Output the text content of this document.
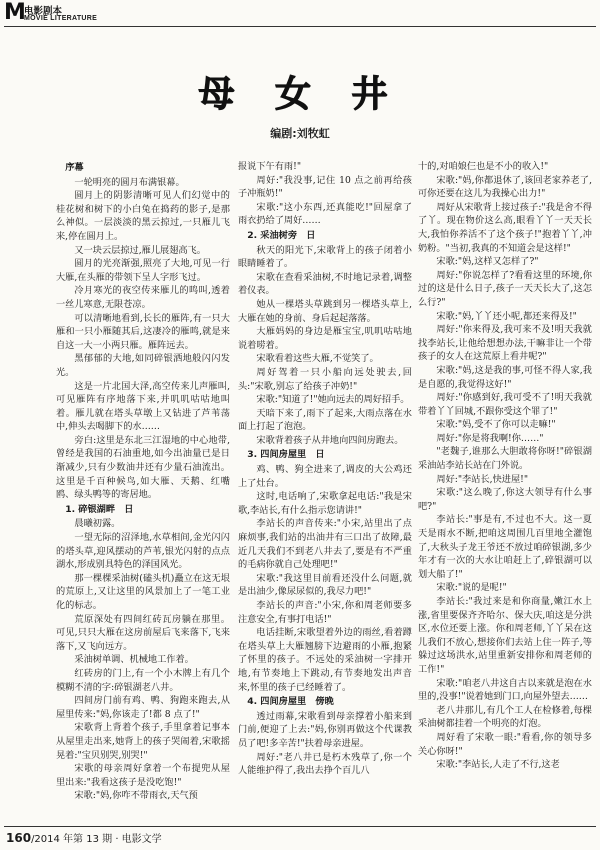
M 电影剧本
MOVIE LITERATURE
母 女 井
编剧:刘牧虹
序幕

一轮明亮的圆月布满银幕。

圆月上的阴影清晰可见人们幻觉中的桂花树和树下的小白兔在捣药的影子,是那么神似。一层淡淡的黑云掠过,一只雁儿飞来,停在圆月上。

又一块云层掠过,雁儿展翅高飞。

圆月的光亮渐强,照亮了大地,可见一行大雁,在头雁的带领下呈人字形飞过。

冷月寒光的夜空传来雁儿的鸣叫,透着一丝儿寒意,无限苍凉。

可以清晰地看到,长长的雁阵,有一只大雁和一只小雁随其后,这凄冷的雁鸣,就是来自这一大一小两只雁。雁阵远去。

黑郁郁的大地,如同碎银洒地般闪闪发光。

这是一片北国大泽,高空传来儿声雁叫,可见雁阵有序地落下来,并叽叽咕咕地叫着。雁儿就在塔头草墩上又钻进了芦苇荡中,伸头去喝脚下的水……

旁白:这里是东北三江湿地的中心地带,曾经是我国的石油重地,如今出油量已是日渐减少,只有少数油井还有少量石油流出。这里是千百种候鸟,如大雁、天鹅、红嘴鸥、绿头鸭等的寄居地。

1. 碎银湖畔　日

晨曦初露。

一望无际的沼泽地,水草相间,金光闪闪的塔头草,迎风摆动的芦苇,银光闪射的点点湖水,形成别具特色的泽国风光。

那一棵棵采油树(磕头机)矗立在这无垠的荒原上,又让这里的风景加上了一笔工业化的标志。

荒原深处有四间红砖瓦房躺在那里。可见,只只大雁在这房前屋后飞来落下,飞来落下,又飞向远方。

采油树单调、机械地工作着。

红砖房的门上,有一个小木牌上有几个模糊不清的字:碎银湖老八井。

四间房门前有鸡、鸭、狗跑来跑去,从屋里传来:"妈,你该走了!都 8 点了!"

宋歌背上背着个孩子,手里拿着记事本从屋里走出来,她背上的孩子哭闹着,宋歌摇晃着:"宝贝别哭,别哭!"

宋歌的母亲周好拿着一个布提兜从屋里出来:"我看这孩子是没吃饱!"

宋歌:"妈,你咋不带雨衣,天气预

报说下午有雨!"

周好:"我没事,记住 10 点之前再给孩子冲瓶奶!"

宋歌:"这小东西,还真能吃!"回屋拿了雨衣扔给了周好……

2. 采油树旁　日

秋天的阳光下,宋歌背上的孩子闭着小眼睛睡着了。

宋歌在查看采油树,不时地记录着,调整着仪表。

她从一棵塔头草跳到另一棵塔头草上,大雁在她的身前、身后起起落落。

大雁妈妈的身边是雁宝宝,叽叽咕咕地说着唠着。

宋歌看着这些大雁,不觉笑了。

周好驾着一只小船向远处驶去,回头:"宋歌,别忘了给孩子冲奶!"

宋歌:"知道了!"她向远去的周好招手。

天暗下来了,雨下了起来,大雨点落在水面上打起了泡泡。

宋歌背着孩子从井地向四间房跑去。

3. 四间房屋里　日

鸡、鸭、狗全进来了,调皮的大公鸡还上了灶台。

这时,电话响了,宋歌拿起电话:"我是宋歌,李站长,有什么指示您请讲!"

李站长的声音传来:"小宋,站里出了点麻烦事,我们站的出油井有三口出了故障,最近几天我们不到老八井去了,要是有不严重的毛病你就自己处理吧!"

宋歌:"我这里目前看还没什么问题,就是出油少,像尿尿似的,我尽力吧!"

李站长的声音:"小宋,你和周老师要多注意安全,有事打电话!"

电话挂断,宋歌望着外边的雨丝,看着蹲在塔头草上大雁翘膀下边避雨的小雁,抱紧了怀里的孩子。不远处的采油树一字排开地,有节奏地上下跳动,有节奏地发出声音来,怀里的孩子已经睡着了。

4. 四间房屋里　傍晚

透过雨幕,宋歌看到母亲撑着小船来到门前,便迎了上去:"妈,你别再做这个代课教员了吧!多辛苦!"扶着母亲进屋。

周好:"老八井已是朽木残草了,你一个人能维护得了,我出去挣个百儿八

十的,对咱娘仨也是不小的收入!"

宋歌:"妈,你都退休了,该回老家养老了,可你还要在这儿为我操心出力!"

周好从宋歌背上接过孩子:"我是舍不得了丫。现在物价这么高,眼看丫丫一天天长大,我怕你养活不了这个孩子!"抱着丫丫,冲奶粉。"当初,我真的不知道会是这样!"

宋歌:"妈,这样又怎样了?"

周好:"你说怎样了?看看这里的环境,你过的这是什么日子,孩子一天天长大了,这怎么行?"

宋歌:"妈,丫丫还小呢,都还来得及!"

周好:"你来得及,我可来不及!明天我就找李站长,让他给想想办法,干嘛非让一个带孩子的女人在这荒原上看井呢?"

宋歌:"妈,这是我的事,可怪不得人家,我是自愿的,我觉得这好!"

周好:"你感到好,我可受不了!明天我就带着丫丫回城,不跟你受这个罪了!"

宋歌:"妈,受不了你可以走嘛!"

周好:"你是将我啊!你……"

"老魏子,谁那么大胆敢将你呀!"碎银湖采油站李站长站在门外说。

周好:"李站长,快进屋!"

宋歌:"这么晚了,你这大领导有什么事吧?"

李站长:"事是有,不过也不大。这一夏天是雨水不断,把咱这周围几百里地全灌饱了,大秋头子龙王爷还不放过咱碎银湖,多少年才有一次的大水让咱赶上了,碎银湖可以划大船了!"

宋歌:"说的是呢!"

李站长:"我过来是和你商量,嫩江水上涨,省里要保齐齐哈尔、保大庆,咱这是分洪区,水位还要上涨。你和周老师,丫丫呆在这儿我们不放心,想接你们去站上住一阵子,等躲过这场洪水,站里重新安排你和周老师的工作!"

宋歌:"咱老八井这自古以来就是泡在水里的,没事!"说着她到门口,向屋外望去……

老八井那儿,有几个工人在检修着,每棵采油树都挂着一个明亮的灯泡。

周好看了宋歌一眼:"看看,你的领导多关心你呀!"

宋歌:"李站长,人走了不行,这老

160/2014 年第 13 期 · 电影文学
